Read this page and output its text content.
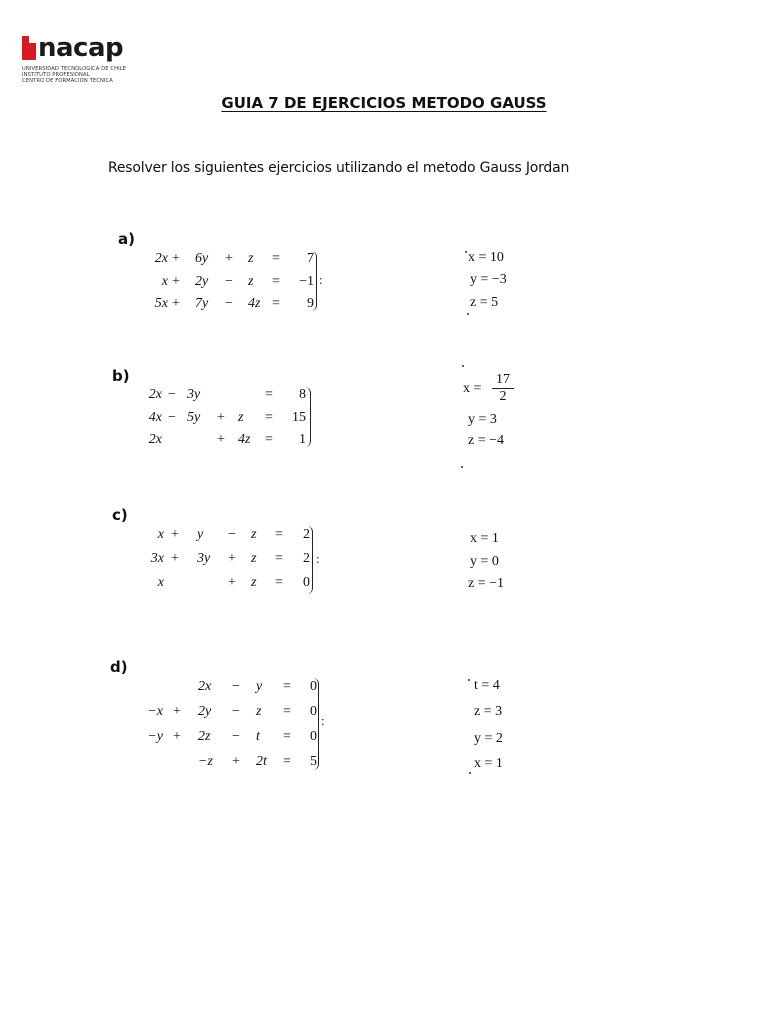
nacap
UNIVERSIDAD TECNOLOGICA DE CHILE
INSTITUTO PROFESIONAL
CENTRO DE FORMACION TECNICA
GUIA 7 DE EJERCICIOS METODO GAUSS
Resolver los siguientes ejercicios utilizando el metodo Gauss Jordan
a)
2x + 6y + z =	7
x + 2y − z = −1
5x + 7y − 4z =	9
:
x = 10
y = −3
z = 5
b)
2x − 3y	=	8
4x − 5y + z =	15
2x	+ 4z =	1
$x = \frac{17}{2}$
y = 3
z = −4
c)
x + y − z =	2
3x + 3y + z =	2
x	+ z =	0
:
x = 1
y = 0
z = −1
d)
2x − y =	0
−x + 2y − z =	0
−y + 2z − t =	0
−z + 2t =	5
:
t = 4
z = 3
y = 2
x = 1
